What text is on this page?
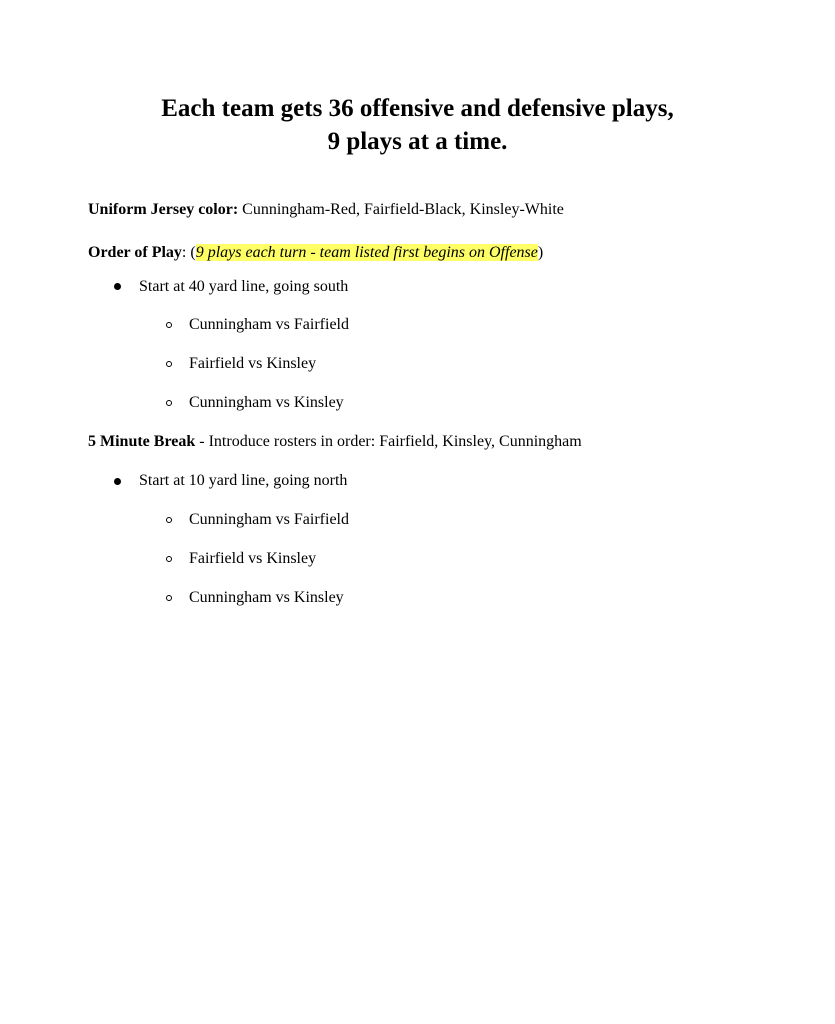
Each team gets 36 offensive and defensive plays,
9 plays at a time.
Uniform Jersey color: Cunningham-Red, Fairfield-Black, Kinsley-White
Order of Play: (9 plays each turn - team listed first begins on Offense)
Start at 40 yard line, going south
Cunningham vs Fairfield
Fairfield vs Kinsley
Cunningham vs Kinsley
5 Minute Break - Introduce rosters in order: Fairfield, Kinsley, Cunningham
Start at 10 yard line, going north
Cunningham vs Fairfield
Fairfield vs Kinsley
Cunningham vs Kinsley
